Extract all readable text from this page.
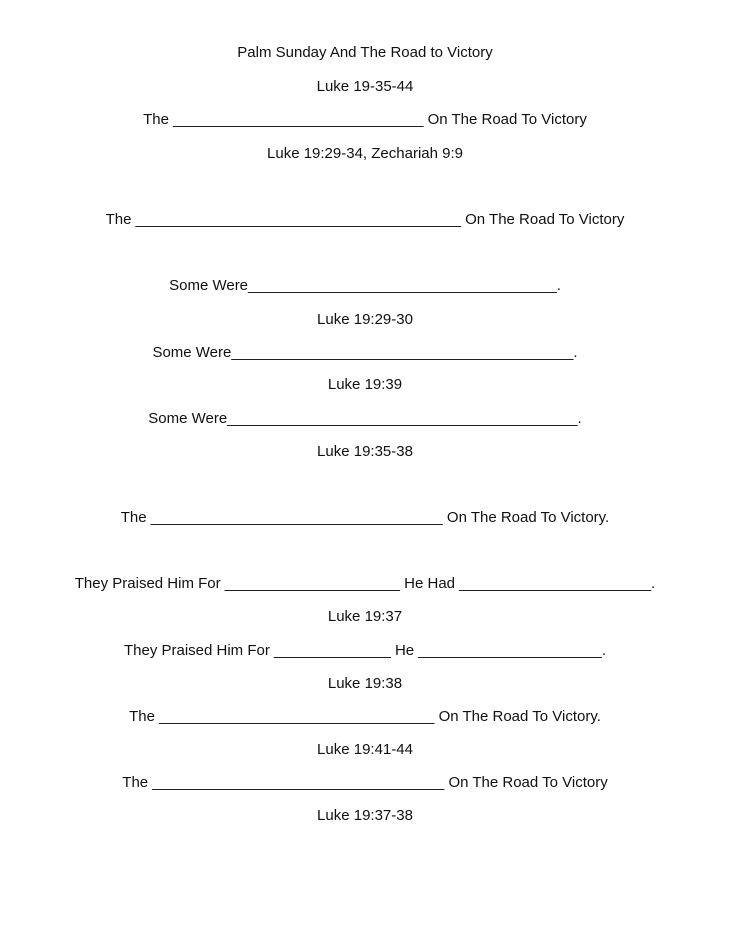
Palm Sunday And The Road to Victory
Luke 19-35-44
The ______________________________ On The Road To Victory
Luke 19:29-34, Zechariah 9:9
The _______________________________________ On The Road To Victory
Some Were_____________________________________.
Luke 19:29-30
Some Were_________________________________________.
Luke 19:39
Some Were__________________________________________.
Luke 19:35-38
The ___________________________________ On The Road To Victory.
They Praised Him For _____________________ He Had _______________________.
Luke 19:37
They Praised Him For ______________ He ______________________.
Luke 19:38
The _________________________________ On The Road To Victory.
Luke 19:41-44
The ___________________________________ On The Road To Victory
Luke 19:37-38
